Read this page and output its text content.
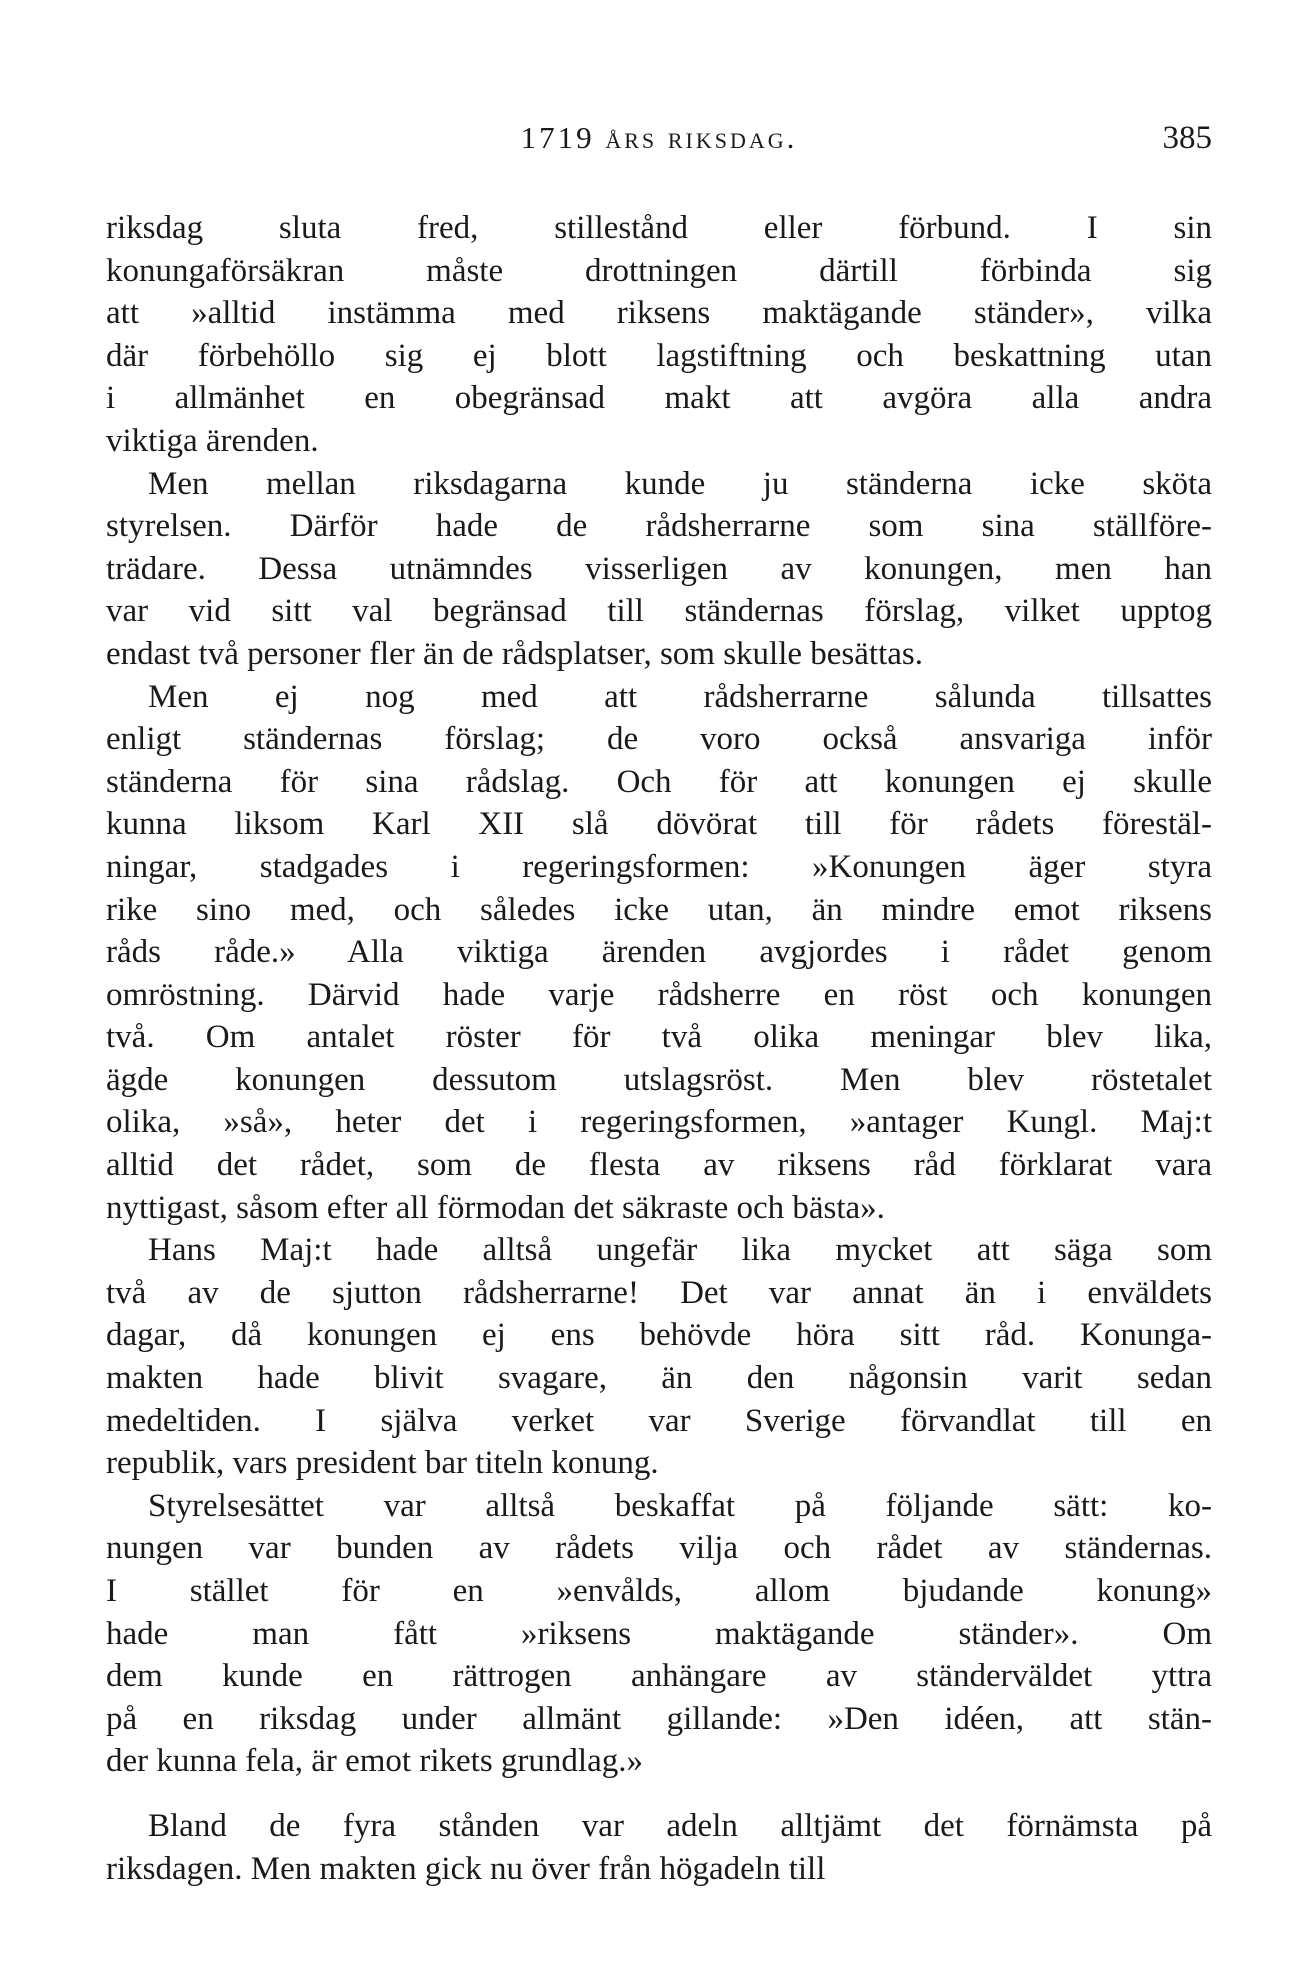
1719 års riksdag.	385
riksdag sluta fred, stillestånd eller förbund. I sin
konungaförsäkran måste drottningen därtill förbinda sig
att »alltid instämma med riksens maktägande ständer», vilka
där förbehöllo sig ej blott lagstiftning och beskattning utan
i allmänhet en obegränsad makt att avgöra alla andra
viktiga ärenden.
Men mellan riksdagarna kunde ju ständerna icke sköta
styrelsen. Därför hade de rådsherrarne som sina ställföre-
trädare. Dessa utnämndes visserligen av konungen, men han
var vid sitt val begränsad till ständernas förslag, vilket upptog
endast två personer fler än de rådsplatser, som skulle besättas.
Men ej nog med att rådsherrarne sålunda tillsattes
enligt ständernas förslag; de voro också ansvariga inför
ständerna för sina rådslag. Och för att konungen ej skulle
kunna liksom Karl XII slå dövörat till för rådets förestäl-
ningar, stadgades i regeringsformen: »Konungen äger styra
rike sino med, och således icke utan, än mindre emot riksens
råds råde.» Alla viktiga ärenden avgjordes i rådet genom
omröstning. Därvid hade varje rådsherre en röst och konungen
två. Om antalet röster för två olika meningar blev lika,
ägde konungen dessutom utslagsröst. Men blev röstetalet
olika, »så», heter det i regeringsformen, »antager Kungl. Maj:t
alltid det rådet, som de flesta av riksens råd förklarat vara
nyttigast, såsom efter all förmodan det säkraste och bästa».
Hans Maj:t hade alltså ungefär lika mycket att säga som
två av de sjutton rådsherrarne! Det var annat än i enväldets
dagar, då konungen ej ens behövde höra sitt råd. Konunga-
makten hade blivit svagare, än den någonsin varit sedan
medeltiden. I själva verket var Sverige förvandlat till en
republik, vars president bar titeln konung.
Styrelsesättet var alltså beskaffat på följande sätt: ko-
nungen var bunden av rådets vilja och rådet av ständernas.
I stället för en »envålds, allom bjudande konung»
hade man fått »riksens maktägande ständer». Om
dem kunde en rättrogen anhängare av ständerväldet yttra
på en riksdag under allmänt gillande: »Den idéen, att stän-
der kunna fela, är emot rikets grundlag.»
Bland de fyra stånden var adeln alltjämt det förnämsta på
riksdagen. Men makten gick nu över från högadeln till
